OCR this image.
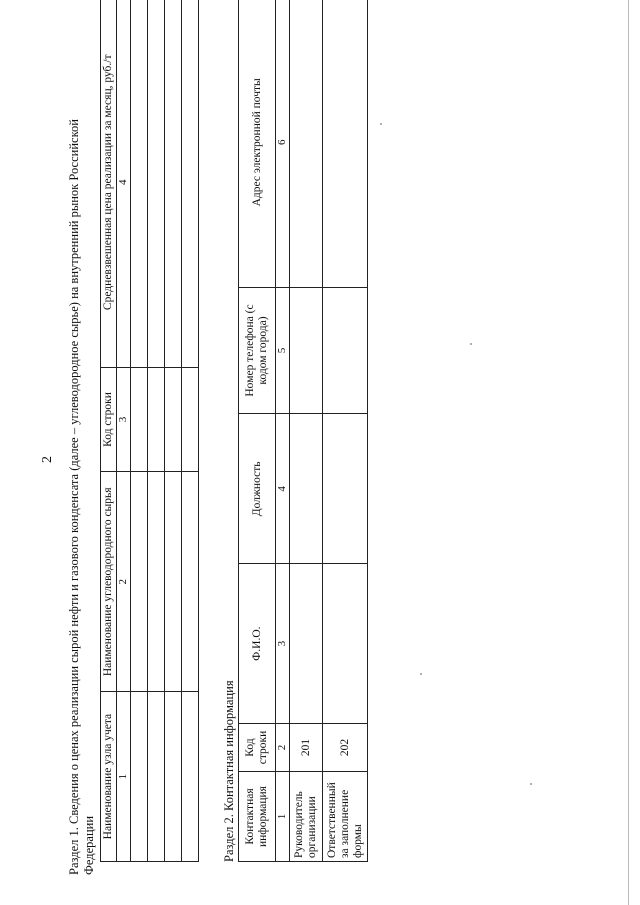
2 Раздел 1. Сведения о ценах реализации сырой нефти и газового конденсата (далее – углеводородное сырье) на внутренний рынок Российской Федерации
Наименование узла учета	Наименование углеводородного сырья	Код строки	Средневзвешенная цена реализации за месяц, руб./т
1	2	3	4

Раздел 2. Контактная информация Контактная информация	Код строки	Ф.И.О.	Должность	Номер телефона (с кодом города)	Адрес электронной почты
1	2	3	4	5	6
Руководитель организации	201				
Ответственный за заполнение формы	202				
